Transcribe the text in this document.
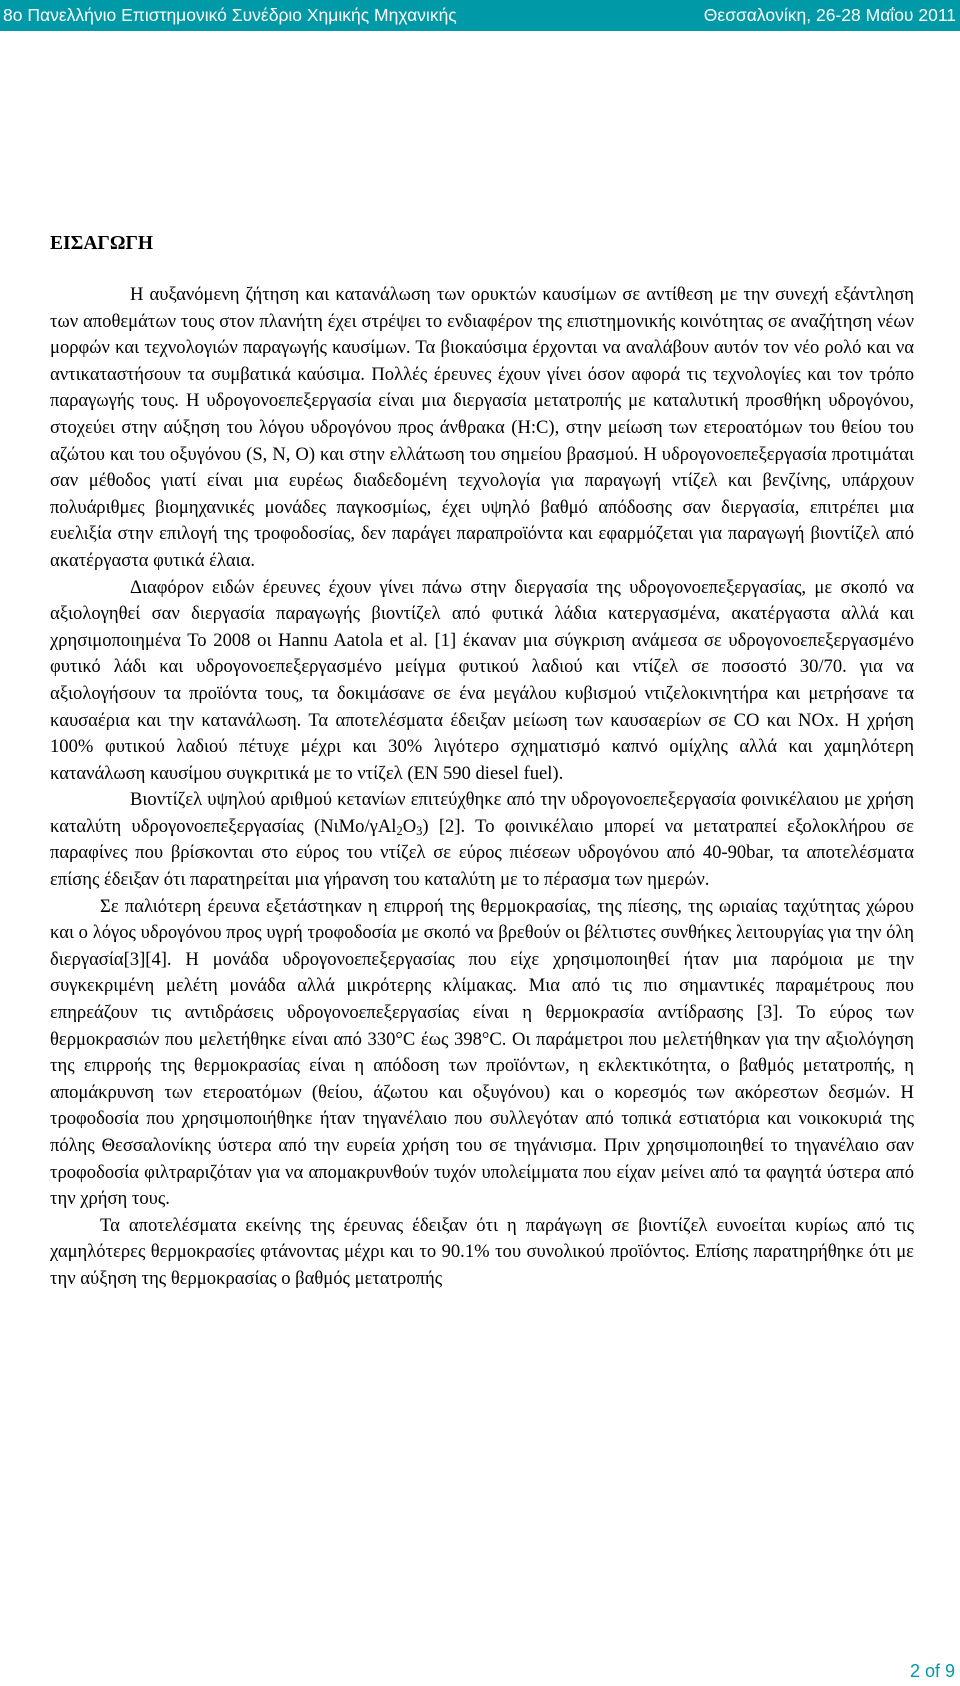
8ο Πανελλήνιο Επιστημονικό Συνέδριο Χημικής Μηχανικής	Θεσσαλονίκη, 26-28 Μαΐου 2011
ΕΙΣΑΓΩΓΗ

Η αυξανόμενη ζήτηση και κατανάλωση των ορυκτών καυσίμων σε αντίθεση με την συνεχή εξάντληση των αποθεμάτων τους στον πλανήτη έχει στρέψει το ενδιαφέρον της επιστημονικής κοινότητας σε αναζήτηση νέων μορφών και τεχνολογιών παραγωγής καυσίμων. Τα βιοκαύσιμα έρχονται να αναλάβουν αυτόν τον νέο ρολό και να αντικαταστήσουν τα συμβατικά καύσιμα. Πολλές έρευνες έχουν γίνει όσον αφορά τις τεχνολογίες και τον τρόπο παραγωγής τους. Η υδρογονοεπεξεργασία είναι μια διεργασία μετατροπής με καταλυτική προσθήκη υδρογόνου, στοχεύει στην αύξηση του λόγου υδρογόνου προς άνθρακα (H:C), στην μείωση των ετεροατόμων του θείου του αζώτου και του οξυγόνου (S, N, O) και στην ελλάτωση του σημείου βρασμού. Η υδρογονοεπεξεργασία προτιμάται σαν μέθοδος γιατί είναι μια ευρέως διαδεδομένη τεχνολογία για παραγωγή ντίζελ και βενζίνης, υπάρχουν πολυάριθμες βιομηχανικές μονάδες παγκοσμίως, έχει υψηλό βαθμό απόδοσης σαν διεργασία, επιτρέπει μια ευελιξία στην επιλογή της τροφοδοσίας, δεν παράγει παραπροϊόντα και εφαρμόζεται για παραγωγή βιοντίζελ από ακατέργαστα φυτικά έλαια.

Διαφόρον ειδών έρευνες έχουν γίνει πάνω στην διεργασία της υδρογονοεπεξεργασίας, με σκοπό να αξιολογηθεί σαν διεργασία παραγωγής βιοντίζελ από φυτικά λάδια κατεργασμένα, ακατέργαστα αλλά και χρησιμοποιημένα Το 2008 οι Hannu Aatola et al. [1] έκαναν μια σύγκριση ανάμεσα σε υδρογονοεπεξεργασμένο φυτικό λάδι και υδρογονοεπεξεργασμένο μείγμα φυτικού λαδιού και ντίζελ σε ποσοστό 30/70. για να αξιολογήσουν τα προϊόντα τους, τα δοκιμάσανε σε ένα μεγάλου κυβισμού ντιζελοκινητήρα και μετρήσανε τα καυσαέρια και την κατανάλωση. Τα αποτελέσματα έδειξαν μείωση των καυσαερίων σε CO και NOx. Η χρήση 100% φυτικού λαδιού πέτυχε μέχρι και 30% λιγότερο σχηματισμό καπνό ομίχλης αλλά και χαμηλότερη κατανάλωση καυσίμου συγκριτικά με το ντίζελ (EN 590 diesel fuel).

Βιοντίζελ υψηλού αριθμού κετανίων επιτεύχθηκε από την υδρογονοεπεξεργασία φοινικέλαιου με χρήση καταλύτη υδρογονοεπεξεργασίας $(N\iota Mo/\gamma Al_2O_3)$ [2]. Το φοινικέλαιο μπορεί να μετατραπεί εξολοκλήρου σε παραφίνες που βρίσκονται στο εύρος του ντίζελ σε εύρος πιέσεων υδρογόνου από 40-90bar, τα αποτελέσματα επίσης έδειξαν ότι παρατηρείται μια γήρανση του καταλύτη με το πέρασμα των ημερών.

Σε παλιότερη έρευνα εξετάστηκαν η επιρροή της θερμοκρασίας, της πίεσης, της ωριαίας ταχύτητας χώρου και ο λόγος υδρογόνου προς υγρή τροφοδοσία με σκοπό να βρεθούν οι βέλτιστες συνθήκες λειτουργίας για την όλη διεργασία[3][4]. Η μονάδα υδρογονοεπεξεργασίας που είχε χρησιμοποιηθεί ήταν μια παρόμοια με την συγκεκριμένη μελέτη μονάδα αλλά μικρότερης κλίμακας. Μια από τις πιο σημαντικές παραμέτρους που επηρεάζουν τις αντιδράσεις υδρογονοεπεξεργασίας είναι η θερμοκρασία αντίδρασης [3]. Το εύρος των θερμοκρασιών που μελετήθηκε είναι από 330°C έως 398°C. Οι παράμετροι που μελετήθηκαν για την αξιολόγηση της επιρροής της θερμοκρασίας είναι η απόδοση των προϊόντων, η εκλεκτικότητα, ο βαθμός μετατροπής, η απομάκρυνση των ετεροατόμων (θείου, άζωτου και οξυγόνου) και ο κορεσμός των ακόρεστων δεσμών. Η τροφοδοσία που χρησιμοποιήθηκε ήταν τηγανέλαιο που συλλεγόταν από τοπικά εστιατόρια και νοικοκυριά της πόλης Θεσσαλονίκης ύστερα από την ευρεία χρήση του σε τηγάνισμα. Πριν χρησιμοποιηθεί το τηγανέλαιο σαν τροφοδοσία φιλτραριζόταν για να απομακρυνθούν τυχόν υπολείμματα που είχαν μείνει από τα φαγητά ύστερα από την χρήση τους.

Τα αποτελέσματα εκείνης της έρευνας έδειξαν ότι η παράγωγη σε βιοντίζελ ευνοείται κυρίως από τις χαμηλότερες θερμοκρασίες φτάνοντας μέχρι και το 90.1% του συνολικού προϊόντος. Επίσης παρατηρήθηκε ότι με την αύξηση της θερμοκρασίας ο βαθμός μετατροπής

2 of 9
